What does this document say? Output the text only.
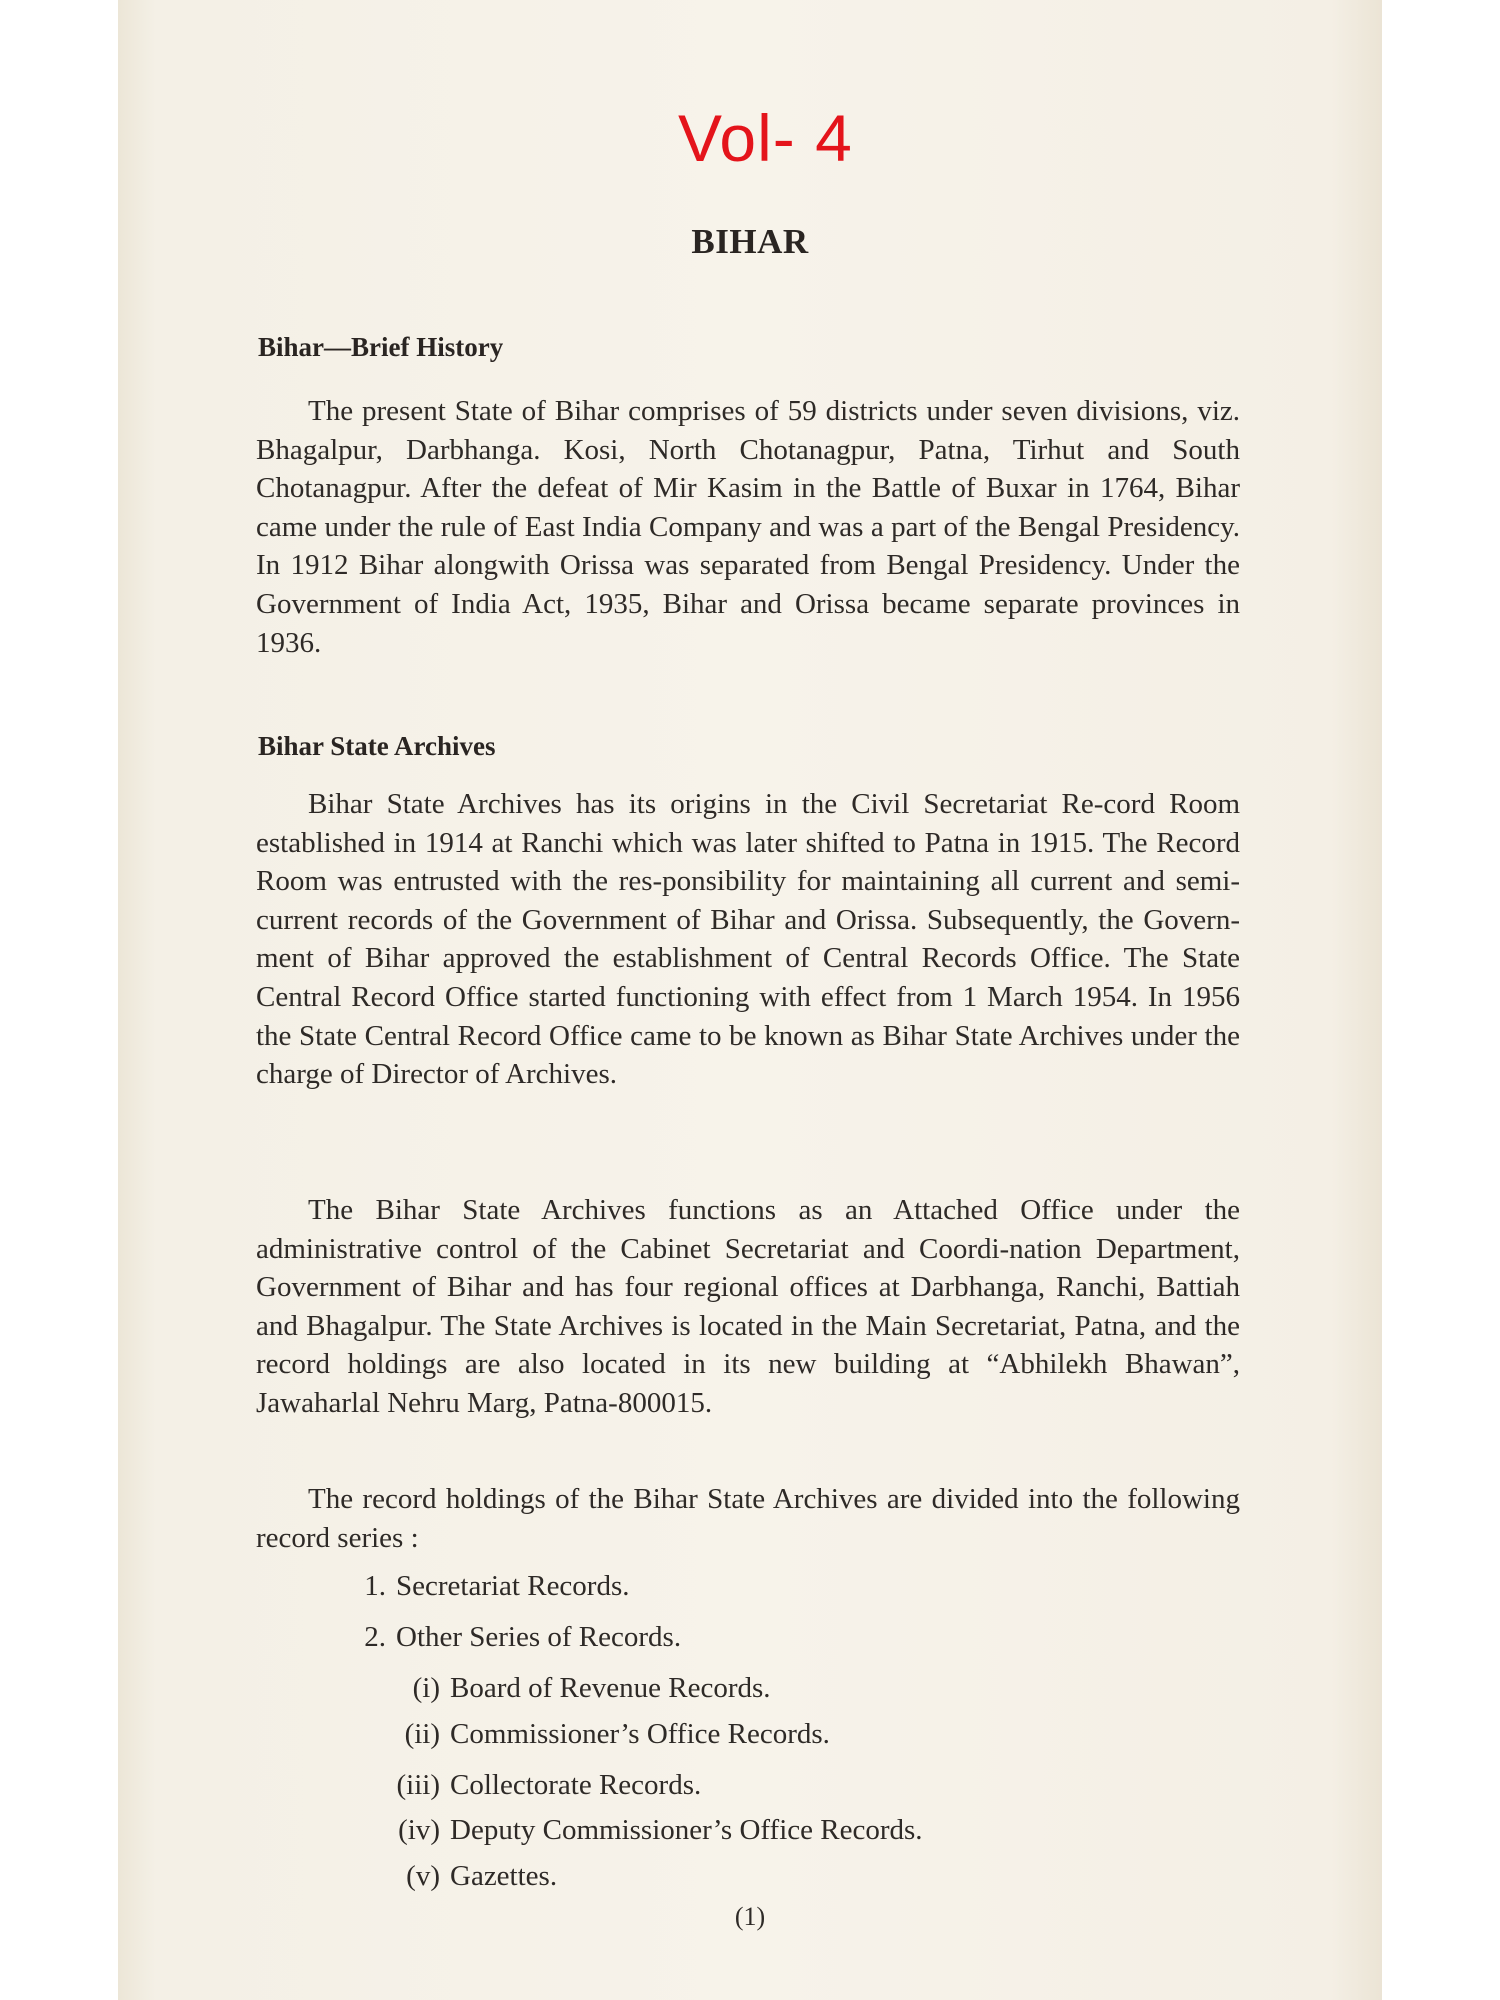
Vol- 4
BIHAR
Bihar—Brief History

The present State of Bihar comprises of 59 districts under seven divisions, viz. Bhagalpur, Darbhanga. Kosi, North Chotanagpur, Patna, Tirhut and South Chotanagpur. After the defeat of Mir Kasim in the Battle of Buxar in 1764, Bihar came under the rule of East India Company and was a part of the Bengal Presidency. In 1912 Bihar alongwith Orissa was separated from Bengal Presidency. Under the Government of India Act, 1935, Bihar and Orissa became separate provinces in 1936.

Bihar State Archives

Bihar State Archives has its origins in the Civil Secretariat Re-cord Room established in 1914 at Ranchi which was later shifted to Patna in 1915. The Record Room was entrusted with the res-ponsibility for maintaining all current and semi-current records of the Government of Bihar and Orissa. Subsequently, the Govern-ment of Bihar approved the establishment of Central Records Office. The State Central Record Office started functioning with effect from 1 March 1954. In 1956 the State Central Record Office came to be known as Bihar State Archives under the charge of Director of Archives.

The Bihar State Archives functions as an Attached Office under the administrative control of the Cabinet Secretariat and Coordi-nation Department, Government of Bihar and has four regional offices at Darbhanga, Ranchi, Battiah and Bhagalpur. The State Archives is located in the Main Secretariat, Patna, and the record holdings are also located in its new building at “Abhilekh Bhawan”, Jawaharlal Nehru Marg, Patna-800015.

The record holdings of the Bihar State Archives are divided into the following record series :

1. Secretariat Records.
2. Other Series of Records.
(i) Board of Revenue Records.
(ii) Commissioner’s Office Records.
(iii) Collectorate Records.
(iv) Deputy Commissioner’s Office Records.
(v) Gazettes.
(1)
